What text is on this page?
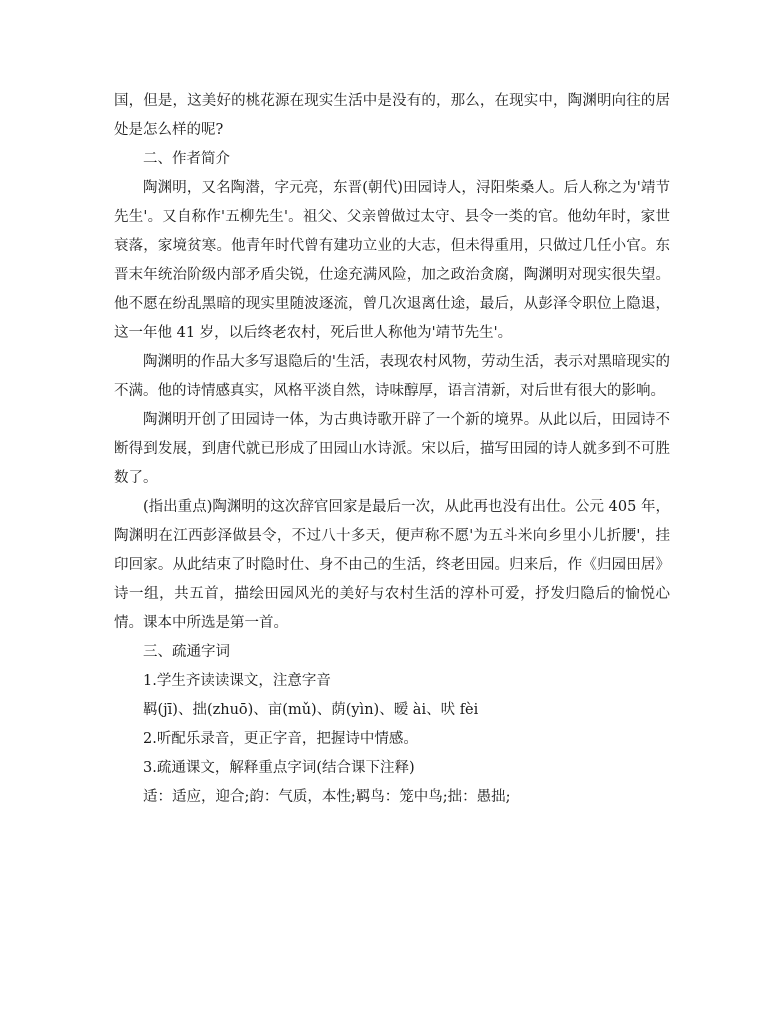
国，但是，这美好的桃花源在现实生活中是没有的，那么，在现实中，陶渊明向往的居处是怎么样的呢?

二、作者简介

陶渊明，又名陶潜，字元亮，东晋(朝代)田园诗人，浔阳柴桑人。后人称之为'靖节先生'。又自称作'五柳先生'。祖父、父亲曾做过太守、县令一类的官。他幼年时，家世衰落，家境贫寒。他青年时代曾有建功立业的大志，但未得重用，只做过几任小官。东晋末年统治阶级内部矛盾尖锐，仕途充满风险，加之政治贪腐，陶渊明对现实很失望。他不愿在纷乱黑暗的现实里随波逐流，曾几次退离仕途，最后，从彭泽令职位上隐退，这一年他 41 岁，以后终老农村，死后世人称他为'靖节先生'。

陶渊明的作品大多写退隐后的'生活，表现农村风物，劳动生活，表示对黑暗现实的不满。他的诗情感真实，风格平淡自然，诗味醇厚，语言清新，对后世有很大的影响。

陶渊明开创了田园诗一体，为古典诗歌开辟了一个新的境界。从此以后，田园诗不断得到发展，到唐代就已形成了田园山水诗派。宋以后，描写田园的诗人就多到不可胜数了。

(指出重点)陶渊明的这次辞官回家是最后一次，从此再也没有出仕。公元 405 年，陶渊明在江西彭泽做县令，不过八十多天，便声称不愿'为五斗米向乡里小儿折腰'，挂印回家。从此结束了时隐时仕、身不由己的生活，终老田园。归来后，作《归园田居》诗一组，共五首，描绘田园风光的美好与农村生活的淳朴可爱，抒发归隐后的愉悦心情。课本中所选是第一首。

三、疏通字词

1.学生齐读读课文，注意字音

羁(jī)、拙(zhuō)、亩(mǔ)、荫(yìn)、暧 ài、吠 fèi

2.听配乐录音，更正字音，把握诗中情感。

3.疏通课文，解释重点字词(结合课下注释)

适：适应，迎合;韵：气质，本性;羁鸟：笼中鸟;拙：愚拙;
